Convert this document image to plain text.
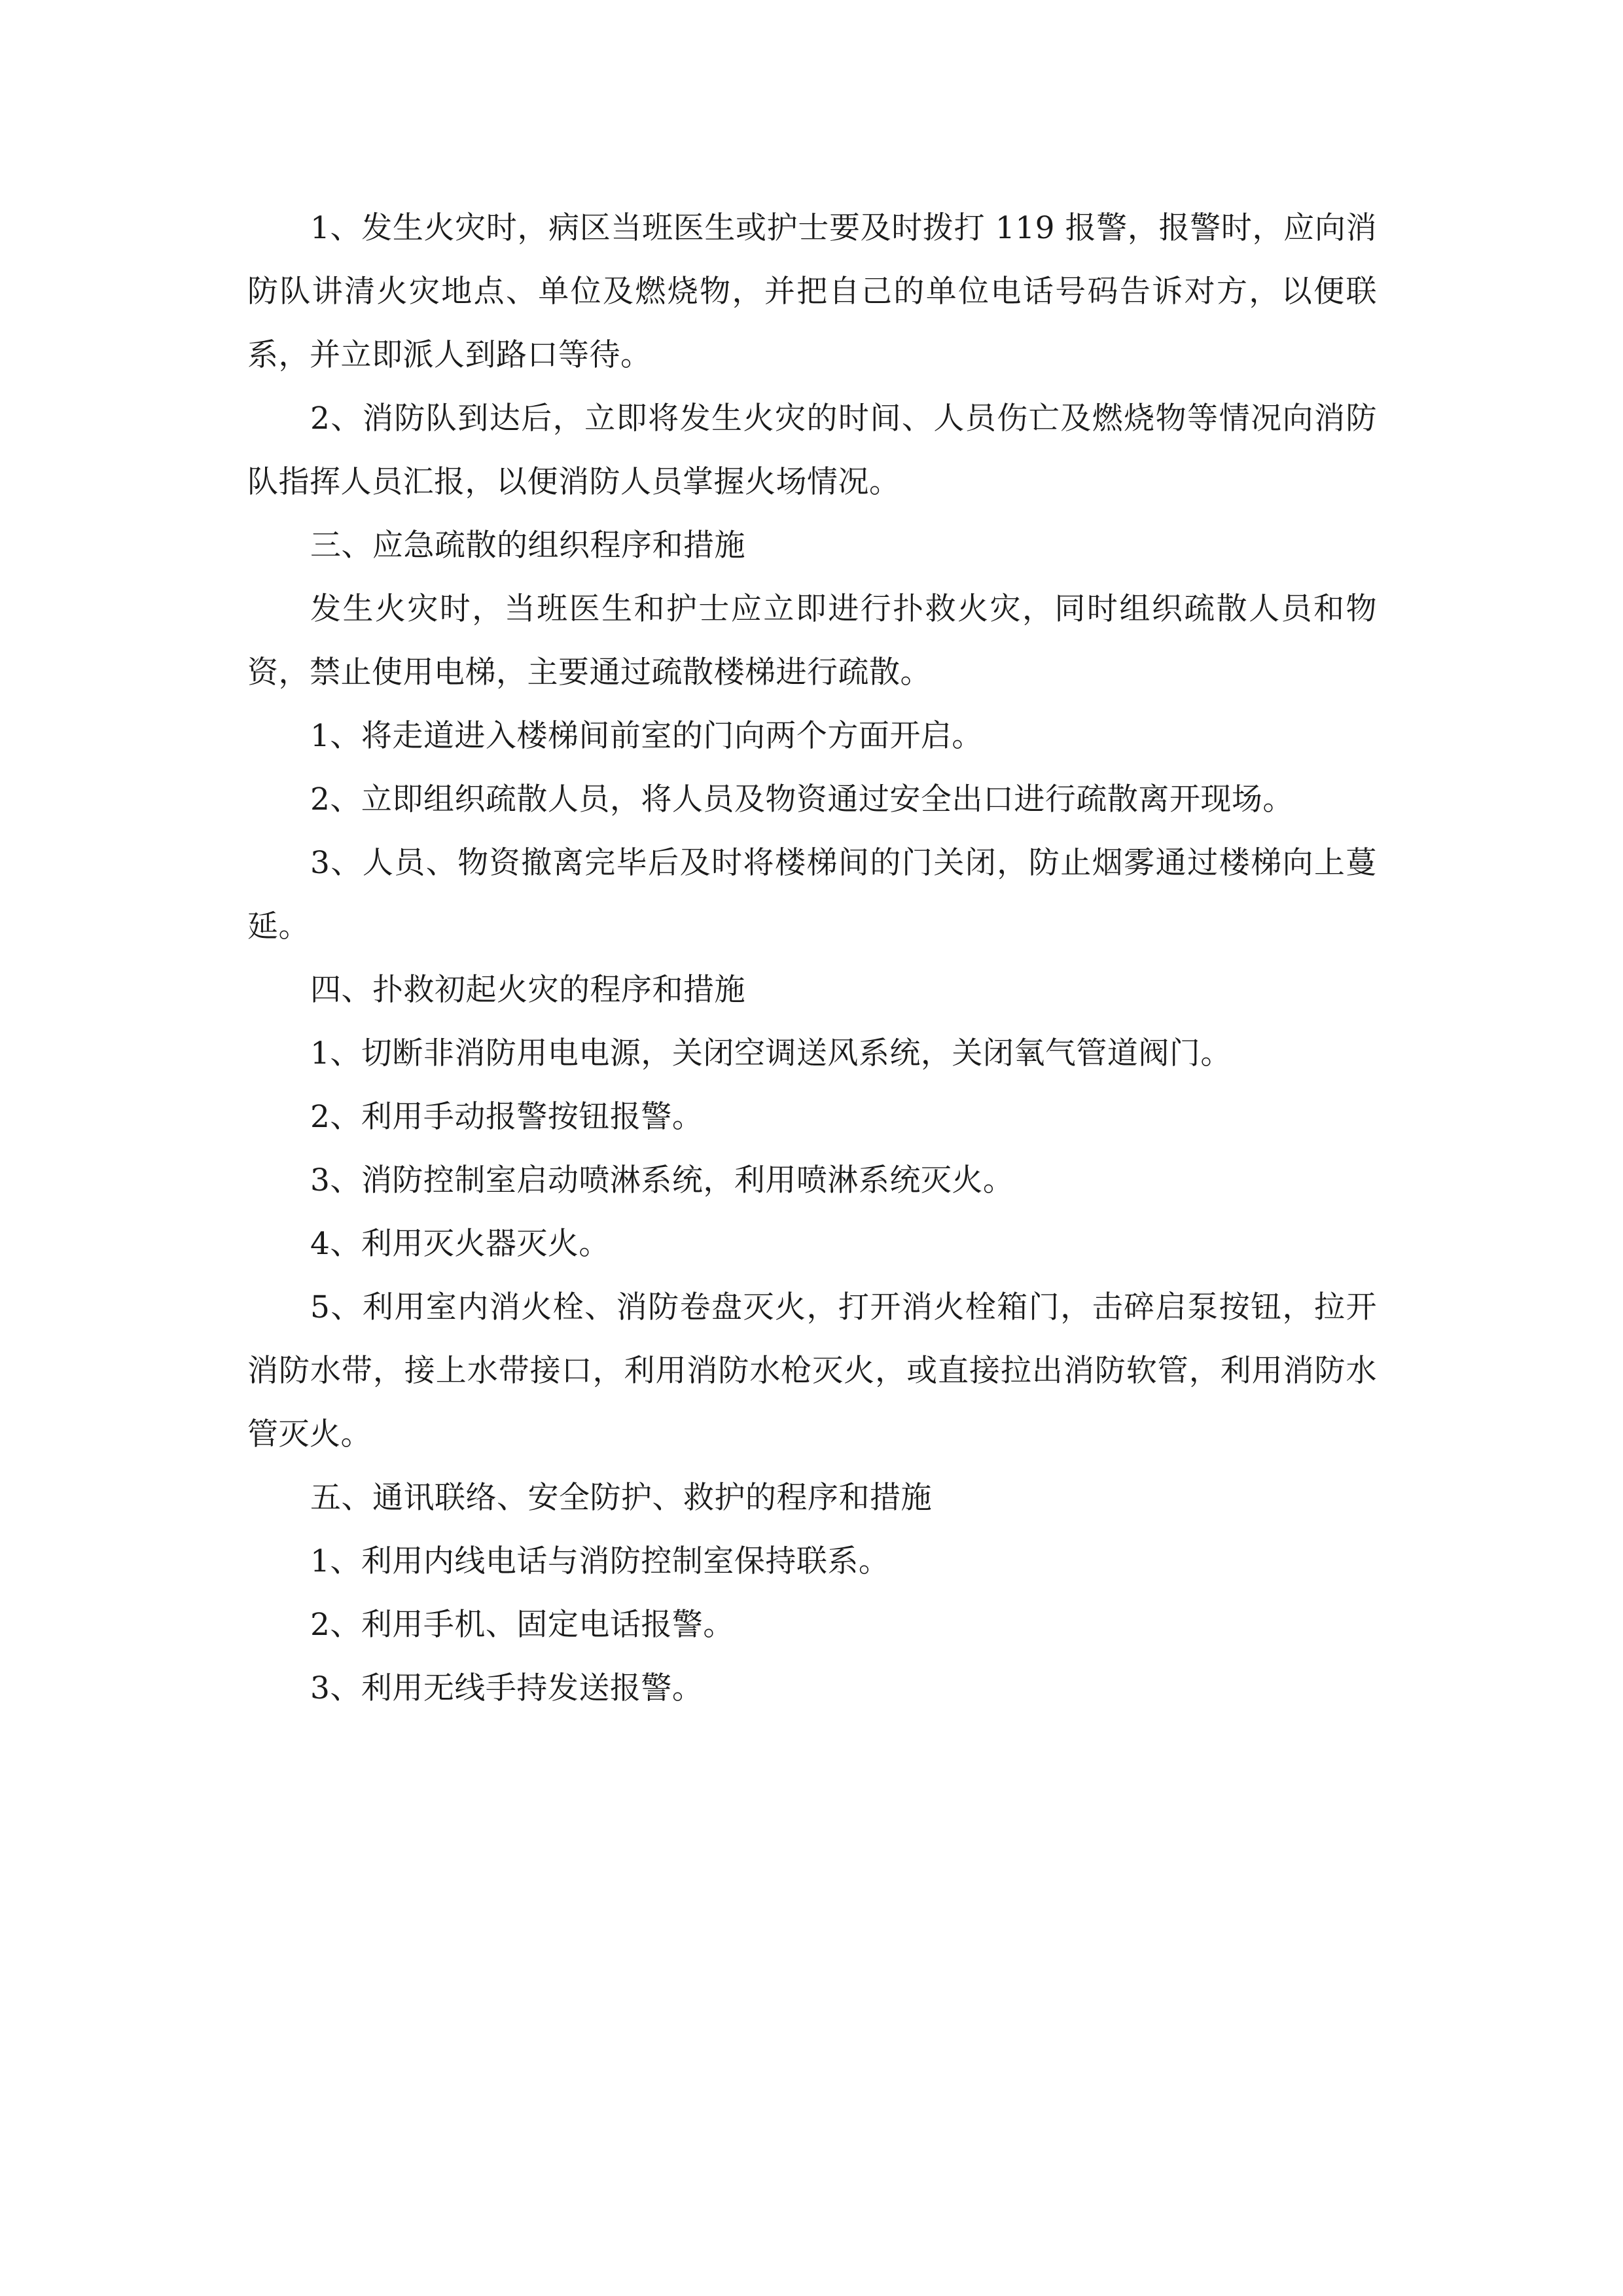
1、发生火灾时，病区当班医生或护士要及时拨打 119 报警，报警时，应向消防队讲清火灾地点、单位及燃烧物，并把自己的单位电话号码告诉对方，以便联系，并立即派人到路口等待。

2、消防队到达后，立即将发生火灾的时间、人员伤亡及燃烧物等情况向消防队指挥人员汇报，以便消防人员掌握火场情况。

三、应急疏散的组织程序和措施

发生火灾时，当班医生和护士应立即进行扑救火灾，同时组织疏散人员和物资，禁止使用电梯，主要通过疏散楼梯进行疏散。

1、将走道进入楼梯间前室的门向两个方面开启。

2、立即组织疏散人员，将人员及物资通过安全出口进行疏散离开现场。

3、人员、物资撤离完毕后及时将楼梯间的门关闭，防止烟雾通过楼梯向上蔓延。

四、扑救初起火灾的程序和措施

1、切断非消防用电电源，关闭空调送风系统，关闭氧气管道阀门。

2、利用手动报警按钮报警。

3、消防控制室启动喷淋系统，利用喷淋系统灭火。

4、利用灭火器灭火。

5、利用室内消火栓、消防卷盘灭火，打开消火栓箱门，击碎启泵按钮，拉开消防水带，接上水带接口，利用消防水枪灭火，或直接拉出消防软管，利用消防水管灭火。

五、通讯联络、安全防护、救护的程序和措施

1、利用内线电话与消防控制室保持联系。

2、利用手机、固定电话报警。

3、利用无线手持发送报警。
